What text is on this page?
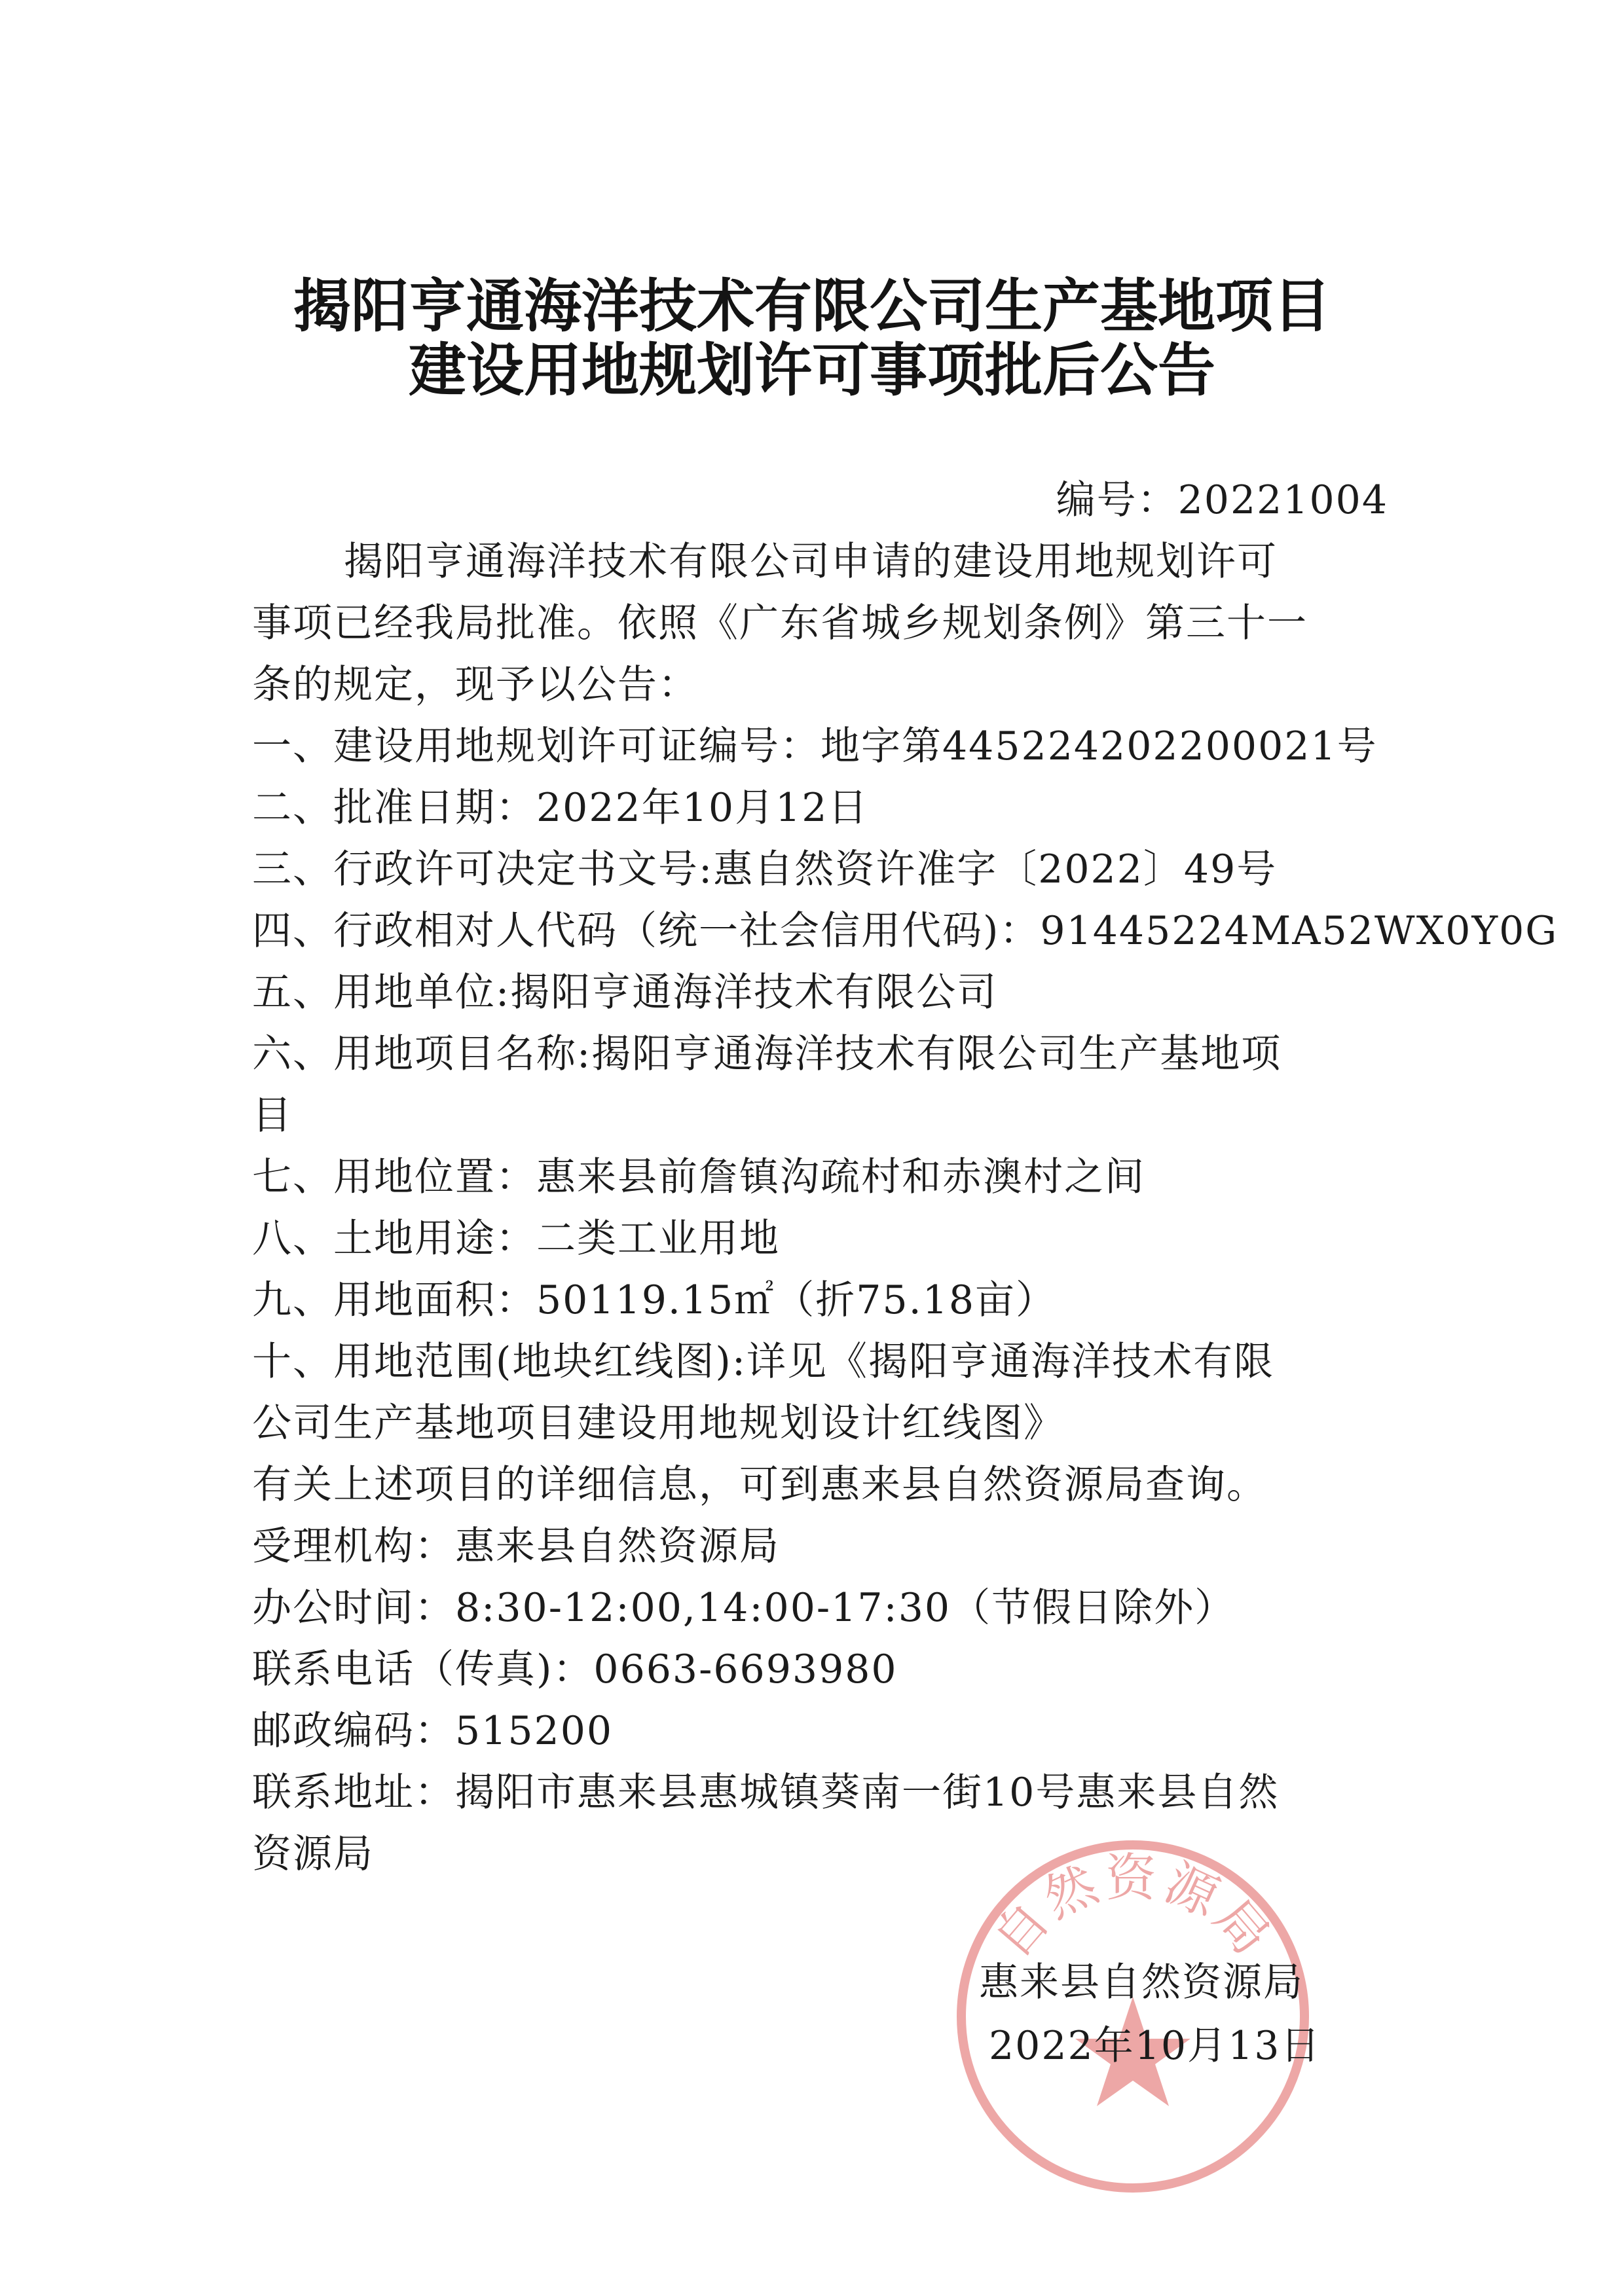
揭阳亨通海洋技术有限公司生产基地项目
建设用地规划许可事项批后公告
编号：20221004
揭阳亨通海洋技术有限公司申请的建设用地规划许可
事项已经我局批准。依照《广东省城乡规划条例》第三十一
条的规定，现予以公告：
一、建设用地规划许可证编号：地字第445224202200021号
二、批准日期：2022年10月12日
三、行政许可决定书文号:惠自然资许准字〔2022〕49号
四、行政相对人代码（统一社会信用代码)：91445224MA52WX0Y0G
五、用地单位:揭阳亨通海洋技术有限公司
六、用地项目名称:揭阳亨通海洋技术有限公司生产基地项
目
七、用地位置：惠来县前詹镇沟疏村和赤澳村之间
八、土地用途：二类工业用地
九、用地面积：50119.15㎡（折75.18亩）
十、用地范围(地块红线图):详见《揭阳亨通海洋技术有限
公司生产基地项目建设用地规划设计红线图》
有关上述项目的详细信息，可到惠来县自然资源局查询。
受理机构：惠来县自然资源局
办公时间：8:30-12:00,14:00-17:30（节假日除外）
联系电话（传真)：0663-6693980
邮政编码：515200
联系地址：揭阳市惠来县惠城镇葵南一街10号惠来县自然
资源局
自然资源局
惠来县自然资源局
2022年10月13日
